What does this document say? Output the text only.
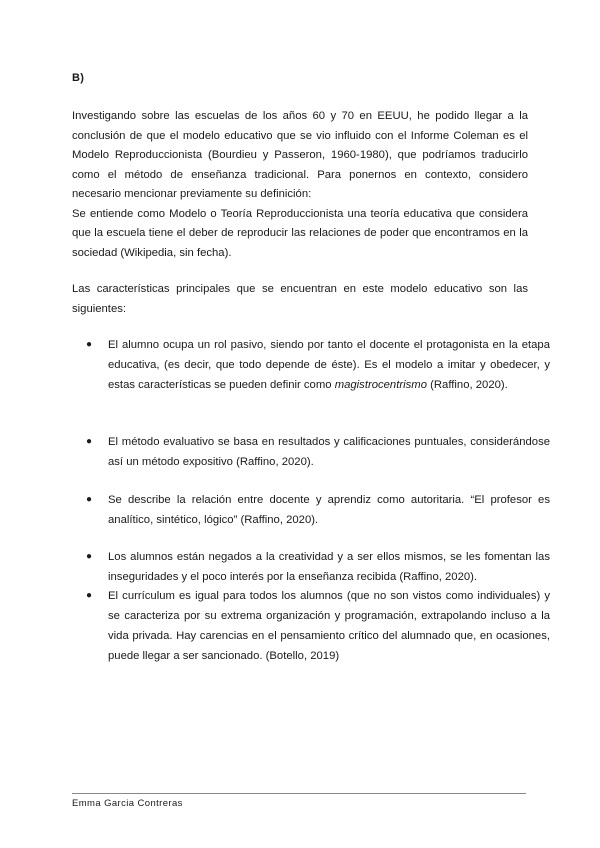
B)
Investigando sobre las escuelas de los años 60 y 70 en EEUU, he podido llegar a la conclusión de que el modelo educativo que se vio influido con el Informe Coleman es el Modelo Reproduccionista (Bourdieu y Passeron, 1960-1980), que podríamos traducirlo como el método de enseñanza tradicional. Para ponernos en contexto, considero necesario mencionar previamente su definición:
Se entiende como Modelo o Teoría Reproduccionista una teoría educativa que considera que la escuela tiene el deber de reproducir las relaciones de poder que encontramos en la sociedad (Wikipedia, sin fecha).
Las características principales que se encuentran en este modelo educativo son las siguientes:
● El alumno ocupa un rol pasivo, siendo por tanto el docente el protagonista en la etapa educativa, (es decir, que todo depende de éste). Es el modelo a imitar y obedecer, y estas características se pueden definir como magistrocentrismo (Raffino, 2020).
● El método evaluativo se basa en resultados y calificaciones puntuales, considerándose así un método expositivo (Raffino, 2020).
● Se describe la relación entre docente y aprendiz como autoritaria. “El profesor es analítico, sintético, lógico” (Raffino, 2020).
● Los alumnos están negados a la creatividad y a ser ellos mismos, se les fomentan las inseguridades y el poco interés por la enseñanza recibida (Raffino, 2020).
● El currículum es igual para todos los alumnos (que no son vistos como individuales) y se caracteriza por su extrema organización y programación, extrapolando incluso a la vida privada. Hay carencias en el pensamiento crítico del alumnado que, en ocasiones, puede llegar a ser sancionado. (Botello, 2019)
Emma Garcia Contreras
